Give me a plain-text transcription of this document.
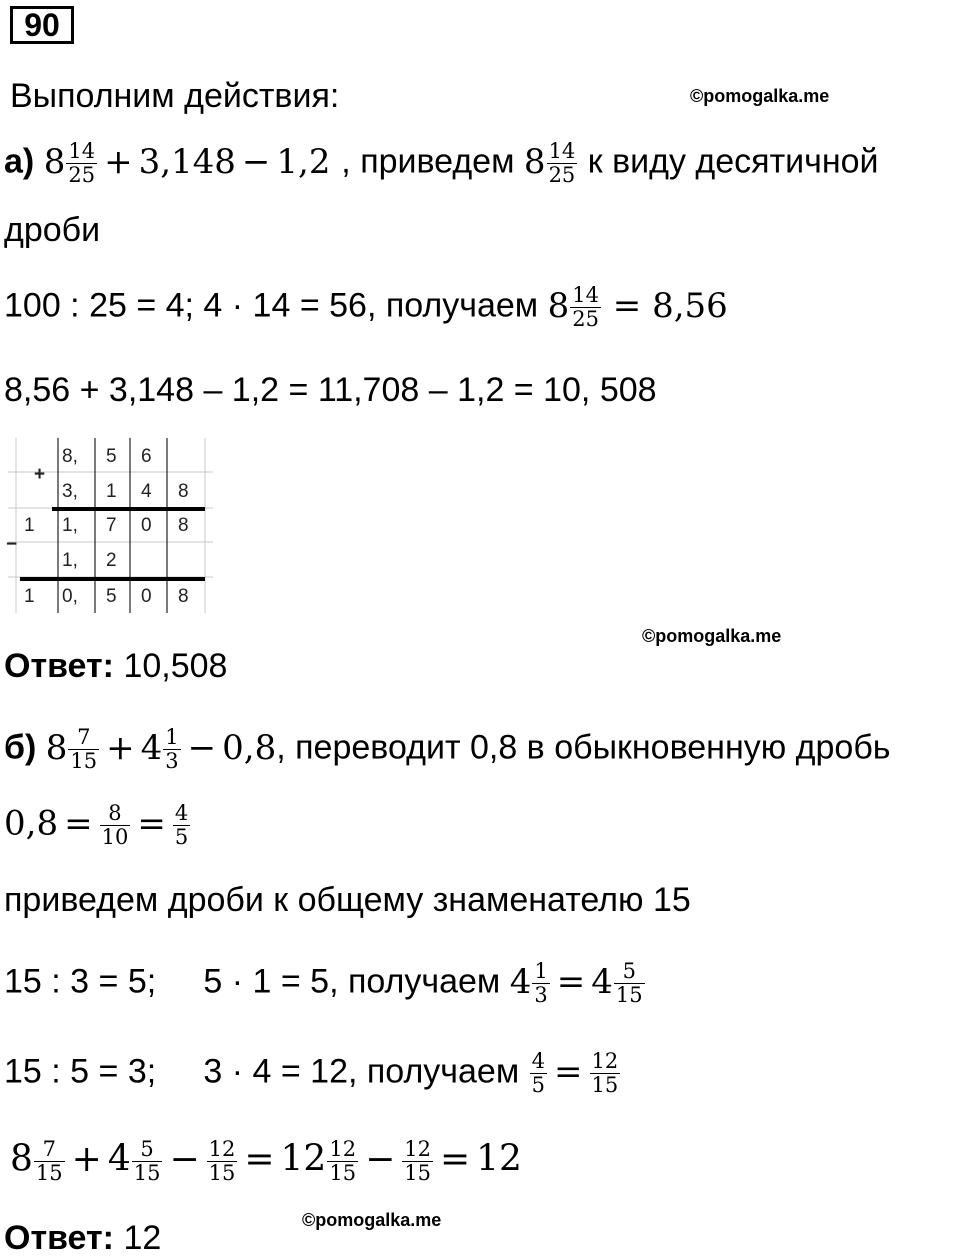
90
Выполним действия:	©pomogalka.me
а) $8 \frac{14}{25} + 3,148 - 1,2$ , приведем $8 \frac{14}{25}$ к виду десятичной
дроби
100 : 25 = 4; 4 · 14 = 56, получаем $8 \frac{14}{25} = 8,56$
8,56 + 3,148 – 1,2 = 11,708 – 1,2 = 10, 508
+
−
8, 5 6
3, 1 4 8
1 1, 7 0 8
1, 2
1 0, 5 0 8
©pomogalka.me
Ответ: 10,508
б) $8 \frac{7}{15} + 4 \frac{1}{3} - 0,8$, переводит 0,8 в обыкновенную дробь
$0,8 = \frac{8}{10} = \frac{4}{5}$
приведем дроби к общему знаменателю 15
15 : 3 = 5;     5 · 1 = 5, получаем $4 \frac{1}{3} = 4 \frac{5}{15}$
15 : 5 = 3;     3 · 4 = 12, получаем $\frac{4}{5} = \frac{12}{15}$
$8 \frac{7}{15} + 4 \frac{5}{15} - \frac{12}{15} = 12 \frac{12}{15} - \frac{12}{15} = 12$
Ответ: 12	©pomogalka.me
